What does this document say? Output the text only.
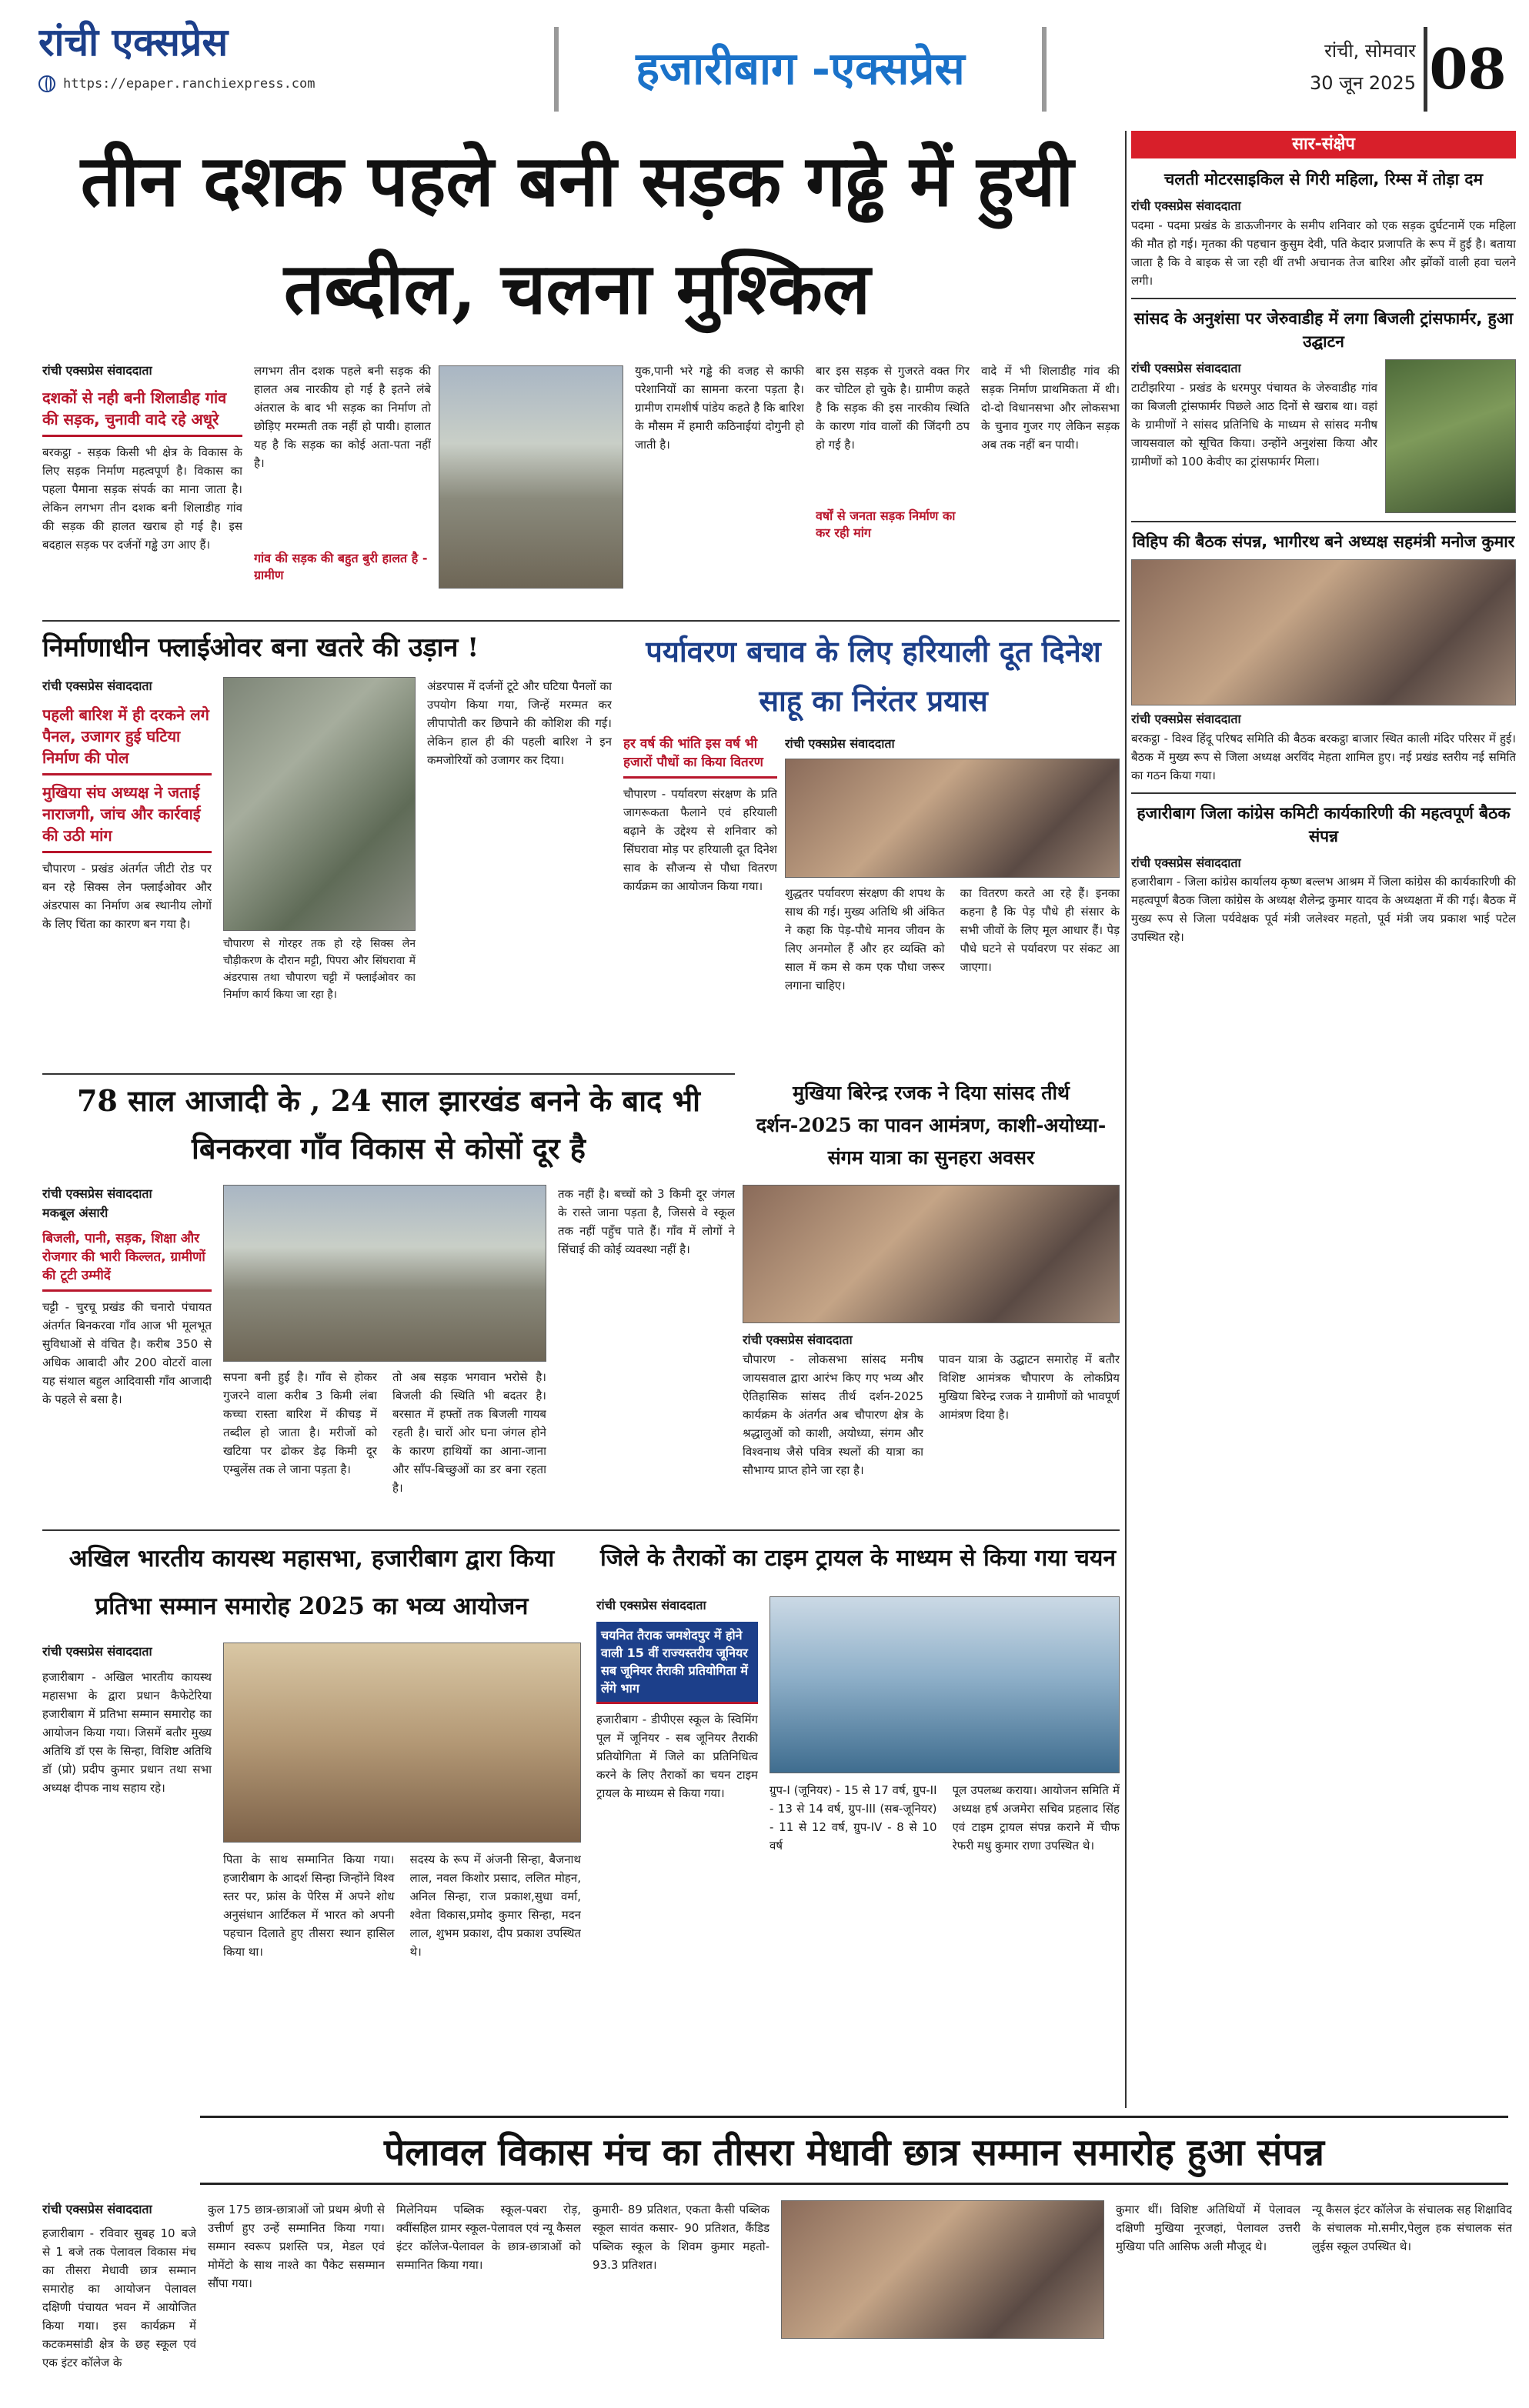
रांची एक्सप्रेस
https://epaper.ranchiexpress.com	हजारीबाग -एक्सप्रेस	रांची, सोमवार
30 जून 2025 08
तीन दशक पहले बनी सड़क गढ्ढे में हुयी तब्दील, चलना मुश्किल
रांची एक्सप्रेस संवाददाता
दशकों से नही बनी शिलाडीह गांव की सड़क, चुनावी वादे रहे अधूरे
बरकट्ठा - सड़क किसी भी क्षेत्र के विकास के लिए सड़क निर्माण महत्वपूर्ण है। विकास का पहला पैमाना सड़क संपर्क का माना जाता है। लेकिन लगभग तीन दशक बनी शिलाडीह गांव की सड़क की हालत खराब हो गई है। इस बदहाल सड़क पर दर्जनों गड्ढे उग आए हैं।
लगभग तीन दशक पहले बनी सड़क की हालत अब नारकीय हो गई है इतने लंबे अंतराल के बाद भी सड़क का निर्माण तो छोड़िए मरम्मती तक नहीं हो पायी। हालात यह है कि सड़क का कोई अता-पता नहीं है।
गांव की सड़क की बहुत बुरी हालत है - ग्रामीण
युक,पानी भरे गड्ढे की वजह से काफी परेशानियों का सामना करना पड़ता है। ग्रामीण रामशीर्ष पांडेय कहते है कि बारिश के मौसम में हमारी कठिनाईयां दोगुनी हो जाती है।
बार इस सड़क से गुजरते वक्त गिर कर चोटिल हो चुके है। ग्रामीण कहते है कि सड़क की इस नारकीय स्थिति के कारण गांव वालों की जिंदगी ठप हो गई है।
वर्षों से जनता सड़क निर्माण का कर रही मांग
वादे में भी शिलाडीह गांव की सड़क निर्माण प्राथमिकता में थी। दो-दो विधानसभा और लोकसभा के चुनाव गुजर गए लेकिन सड़क अब तक नहीं बन पायी।
निर्माणाधीन फ्लाईओवर बना खतरे की उड़ान !
रांची एक्सप्रेस संवाददाता
पहली बारिश में ही दरकने लगे पैनल, उजागर हुई घटिया निर्माण की पोल
मुखिया संघ अध्यक्ष ने जताई नाराजगी, जांच और कार्रवाई की उठी मांग
चौपारण - प्रखंड अंतर्गत जीटी रोड पर बन रहे सिक्स लेन फ्लाईओवर और अंडरपास का निर्माण अब स्थानीय लोगों के लिए चिंता का कारण बन गया है।
चौपारण से गोरहर तक हो रहे सिक्स लेन चौड़ीकरण के दौरान मट्टी, पिपरा और सिंघरावा में अंडरपास तथा चौपारण चट्टी में फ्लाईओवर का निर्माण कार्य किया जा रहा है।
अंडरपास में दर्जनों टूटे और घटिया पैनलों का उपयोग किया गया, जिन्हें मरम्मत कर लीपापोती कर छिपाने की कोशिश की गई। लेकिन हाल ही की पहली बारिश ने इन कमजोरियों को उजागर कर दिया।
पर्यावरण बचाव के लिए हरियाली दूत दिनेश साहू का निरंतर प्रयास
हर वर्ष की भांति इस वर्ष भी हजारों पौधों का किया वितरण
चौपारण - पर्यावरण संरक्षण के प्रति जागरूकता फैलाने एवं हरियाली बढ़ाने के उद्देश्य से शनिवार को सिंघरावा मोड़ पर हरियाली दूत दिनेश साव के सौजन्य से पौधा वितरण कार्यक्रम का आयोजन किया गया।
रांची एक्सप्रेस संवाददाता
शुद्धतर पर्यावरण संरक्षण की शपथ के साथ की गई। मुख्य अतिथि श्री अंकित ने कहा कि पेड़-पौधे मानव जीवन के लिए अनमोल हैं और हर व्यक्ति को साल में कम से कम एक पौधा जरूर लगाना चाहिए।
का वितरण करते आ रहे हैं। इनका कहना है कि पेड़ पौधे ही संसार के सभी जीवों के लिए मूल आधार हैं। पेड़ पौधे घटने से पर्यावरण पर संकट आ जाएगा।
78 साल आजादी के , 24 साल झारखंड बनने के बाद भी बिनकरवा गाँव विकास से कोसों दूर है
रांची एक्सप्रेस संवाददाता
मकबूल अंसारी
बिजली, पानी, सड़क, शिक्षा और रोजगार की भारी किल्लत, ग्रामीणों की टूटी उम्मीदें
चट्टी - चुरचू प्रखंड की चनारो पंचायत अंतर्गत बिनकरवा गाँव आज भी मूलभूत सुविधाओं से वंचित है। करीब 350 से अधिक आबादी और 200 वोटरों वाला यह संथाल बहुल आदिवासी गाँव आजादी के पहले से बसा है।
सपना बनी हुई है। गाँव से होकर गुजरने वाला करीब 3 किमी लंबा कच्चा रास्ता बारिश में कीचड़ में तब्दील हो जाता है। मरीजों को खटिया पर ढोकर डेढ़ किमी दूर एम्बुलेंस तक ले जाना पड़ता है।
तो अब सड़क भगवान भरोसे है। बिजली की स्थिति भी बदतर है। बरसात में हफ्तों तक बिजली गायब रहती है। चारों ओर घना जंगल होने के कारण हाथियों का आना-जाना और साँप-बिच्छुओं का डर बना रहता है।
तक नहीं है। बच्चों को 3 किमी दूर जंगल के रास्ते जाना पड़ता है, जिससे वे स्कूल तक नहीं पहुँच पाते हैं। गाँव में लोगों ने सिंचाई की कोई व्यवस्था नहीं है।
मुखिया बिरेन्द्र रजक ने दिया सांसद तीर्थ दर्शन-2025 का पावन आमंत्रण, काशी-अयोध्या-संगम यात्रा का सुनहरा अवसर
रांची एक्सप्रेस संवाददाता
चौपारण - लोकसभा सांसद मनीष जायसवाल द्वारा आरंभ किए गए भव्य और ऐतिहासिक सांसद तीर्थ दर्शन-2025 कार्यक्रम के अंतर्गत अब चौपारण क्षेत्र के श्रद्धालुओं को काशी, अयोध्या, संगम और विश्वनाथ जैसे पवित्र स्थलों की यात्रा का सौभाग्य प्राप्त होने जा रहा है।
पावन यात्रा के उद्घाटन समारोह में बतौर विशिष्ट आमंत्रक चौपारण के लोकप्रिय मुखिया बिरेन्द्र रजक ने ग्रामीणों को भावपूर्ण आमंत्रण दिया है।
अखिल भारतीय कायस्थ महासभा, हजारीबाग द्वारा किया प्रतिभा सम्मान समारोह 2025 का भव्य आयोजन
रांची एक्सप्रेस संवाददाता
हजारीबाग - अखिल भारतीय कायस्थ महासभा के द्वारा प्रधान कैफेटेरिया हजारीबाग में प्रतिभा सम्मान समारोह का आयोजन किया गया। जिसमें बतौर मुख्य अतिथि डॉ एस के सिन्हा, विशिष्ट अतिथि डॉ (प्रो) प्रदीप कुमार प्रधान तथा सभा अध्यक्ष दीपक नाथ सहाय रहे।
पिता के साथ सम्मानित किया गया। हजारीबाग के आदर्श सिन्हा जिन्होंने विश्व स्तर पर, फ्रांस के पेरिस में अपने शोध अनुसंधान आर्टिकल में भारत को अपनी पहचान दिलाते हुए तीसरा स्थान हासिल किया था।
सदस्य के रूप में अंजनी सिन्हा, बैजनाथ लाल, नवल किशोर प्रसाद, ललित मोहन, अनिल सिन्हा, राज प्रकाश,सुधा वर्मा, श्वेता विकास,प्रमोद कुमार सिन्हा, मदन लाल, शुभम प्रकाश, दीप प्रकाश उपस्थित थे।
जिले के तैराकों का टाइम ट्रायल के माध्यम से किया गया चयन
रांची एक्सप्रेस संवाददाता
चयनित तैराक जमशेदपुर में होने वाली 15 वीं राज्यस्तरीय जूनियर सब जूनियर तैराकी प्रतियोगिता में लेंगे भाग
हजारीबाग - डीपीएस स्कूल के स्विमिंग पूल में जूनियर - सब जूनियर तैराकी प्रतियोगिता में जिले का प्रतिनिधित्व करने के लिए तैराकों का चयन टाइम ट्रायल के माध्यम से किया गया।	ग्रुप-I (जूनियर) - 15 से 17 वर्ष, ग्रुप-II - 13 से 14 वर्ष, ग्रुप-III (सब-जूनियर) - 11 से 12 वर्ष, ग्रुप-IV - 8 से 10 वर्ष
पूल उपलब्ध कराया। आयोजन समिति में अध्यक्ष हर्ष अजमेरा सचिव प्रहलाद सिंह एवं टाइम ट्रायल संपन्न कराने में चीफ रेफरी मधु कुमार राणा उपस्थित थे।
सार-संक्षेप
चलती मोटरसाइकिल से गिरी महिला, रिम्स में तोड़ा दम
रांची एक्सप्रेस संवाददाता
पदमा - पदमा प्रखंड के डाऊजीनगर के समीप शनिवार को एक सड़क दुर्घटनामें एक महिला की मौत हो गई। मृतका की पहचान कुसुम देवी, पति केदार प्रजापति के रूप में हुई है। बताया जाता है कि वे बाइक से जा रही थीं तभी अचानक तेज बारिश और झोंकों वाली हवा चलने लगी।
सांसद के अनुशंसा पर जेरुवाडीह में लगा बिजली ट्रांसफार्मर, हुआ उद्घाटन
रांची एक्सप्रेस संवाददाता
टाटीझरिया - प्रखंड के धरमपुर पंचायत के जेरुवाडीह गांव का बिजली ट्रांसफार्मर पिछले आठ दिनों से खराब था। वहां के ग्रामीणों ने सांसद प्रतिनिधि के माध्यम से सांसद मनीष जायसवाल को सूचित किया। उन्होंने अनुशंसा किया और ग्रामीणों को 100 केवीए का ट्रांसफार्मर मिला।
विहिप की बैठक संपन्न, भागीरथ बने अध्यक्ष सहमंत्री मनोज कुमार
रांची एक्सप्रेस संवाददाता
बरकट्ठा - विश्व हिंदू परिषद समिति की बैठक बरकट्ठा बाजार स्थित काली मंदिर परिसर में हुई। बैठक में मुख्य रूप से जिला अध्यक्ष अरविंद मेहता शामिल हुए। नई प्रखंड स्तरीय नई समिति का गठन किया गया।
हजारीबाग जिला कांग्रेस कमिटी कार्यकारिणी की महत्वपूर्ण बैठक संपन्न
रांची एक्सप्रेस संवाददाता
हजारीबाग - जिला कांग्रेस कार्यालय कृष्ण बल्लभ आश्रम में जिला कांग्रेस की कार्यकारिणी की महत्वपूर्ण बैठक जिला कांग्रेस के अध्यक्ष शैलेन्द्र कुमार यादव के अध्यक्षता में की गई। बैठक में मुख्य रूप से जिला पर्यवेक्षक पूर्व मंत्री जलेश्वर महतो, पूर्व मंत्री जय प्रकाश भाई पटेल उपस्थित रहे।
पेलावल विकास मंच का तीसरा मेधावी छात्र सम्मान समारोह हुआ संपन्न
रांची एक्सप्रेस संवाददाता
हजारीबाग - रविवार सुबह 10 बजे से 1 बजे तक पेलावल विकास मंच का तीसरा मेधावी छात्र सम्मान समारोह का आयोजन पेलावल दक्षिणी पंचायत भवन में आयोजित किया गया। इस कार्यक्रम में कटकमसांडी क्षेत्र के छह स्कूल एवं एक इंटर कॉलेज के
कुल 175 छात्र-छात्राओं जो प्रथम श्रेणी से उत्तीर्ण हुए उन्हें सम्मानित किया गया। सम्मान स्वरूप प्रशस्ति पत्र, मेडल एवं मोमेंटो के साथ नाश्ते का पैकेट ससम्मान सौंपा गया।
मिलेनियम पब्लिक स्कूल-पबरा रोड़, क्वींसहिल ग्रामर स्कूल-पेलावल एवं न्यू कैसल इंटर कॉलेज-पेलावल के छात्र-छात्राओं को सम्मानित किया गया।
कुमारी- 89 प्रतिशत, एकता कैसी पब्लिक स्कूल सावंत कसार- 90 प्रतिशत, कैंडिड पब्लिक स्कूल के शिवम कुमार महतो- 93.3 प्रतिशत।
कुमार थीं। विशिष्ट अतिथियों में पेलावल दक्षिणी मुखिया नूरजहां, पेलावल उत्तरी मुखिया पति आसिफ अली मौजूद थे।
न्यू कैसल इंटर कॉलेज के संचालक सह शिक्षाविद के संचालक मो.समीर,पेलुल हक संचालक संत लुईस स्कूल उपस्थित थे।
